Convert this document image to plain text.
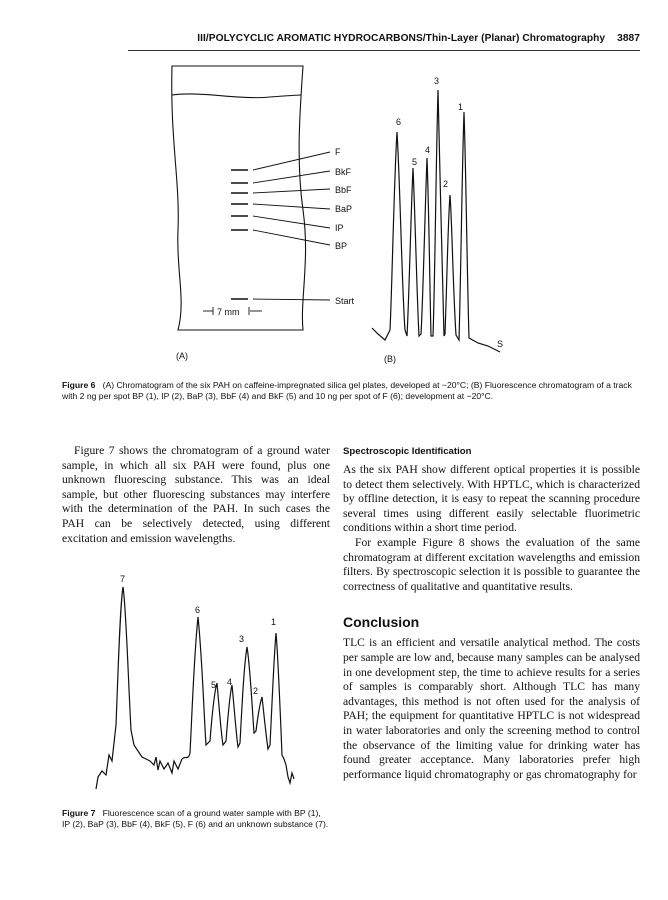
III/POLYCYCLIC AROMATIC HYDROCARBONS/Thin-Layer (Planar) Chromatography 3887
F
BkF
BbF
BaP
IP
BP
Start
7 mm
(A)	(B)
6
5
4
3
2
1
S
Figure 6 (A) Chromatogram of the six PAH on caffeine-impregnated silica gel plates, developed at −20°C; (B) Fluorescence chromatogram of a track with 2 ng per spot BP (1), IP (2), BaP (3), BbF (4) and BkF (5) and 10 ng per spot of F (6); development at −20°C.

Figure 7 shows the chromatogram of a ground water sample, in which all six PAH were found, plus one unknown fluorescing substance. This was an ideal sample, but other fluorescing substances may interfere with the determination of the PAH. In such cases the PAH can be selectively detected, using different excitation and emission wavelengths.

7
6
1
3
5 4
2
Figure 7 Fluorescence scan of a ground water sample with BP (1), IP (2), BaP (3), BbF (4), BkF (5), F (6) and an unknown substance (7).
Spectroscopic Identification

As the six PAH show different optical properties it is possible to detect them selectively. With HPTLC, which is characterized by offline detection, it is easy to repeat the scanning procedure several times using different easily selectable fluorimetric conditions within a short time period.

For example Figure 8 shows the evaluation of the same chromatogram at different excitation wavelengths and emission filters. By spectroscopic selection it is possible to guarantee the correctness of qualitative and quantitative results.

Conclusion

TLC is an efficient and versatile analytical method. The costs per sample are low and, because many samples can be analysed in one development step, the time to achieve results for a series of samples is comparably short. Although TLC has many advantages, this method is not often used for the analysis of PAH; the equipment for quantitative HPTLC is not widespread in water laboratories and only the screening method to control the observance of the limiting value for drinking water has found greater acceptance. Many laboratories prefer high performance liquid chromatography or gas chromatography for
